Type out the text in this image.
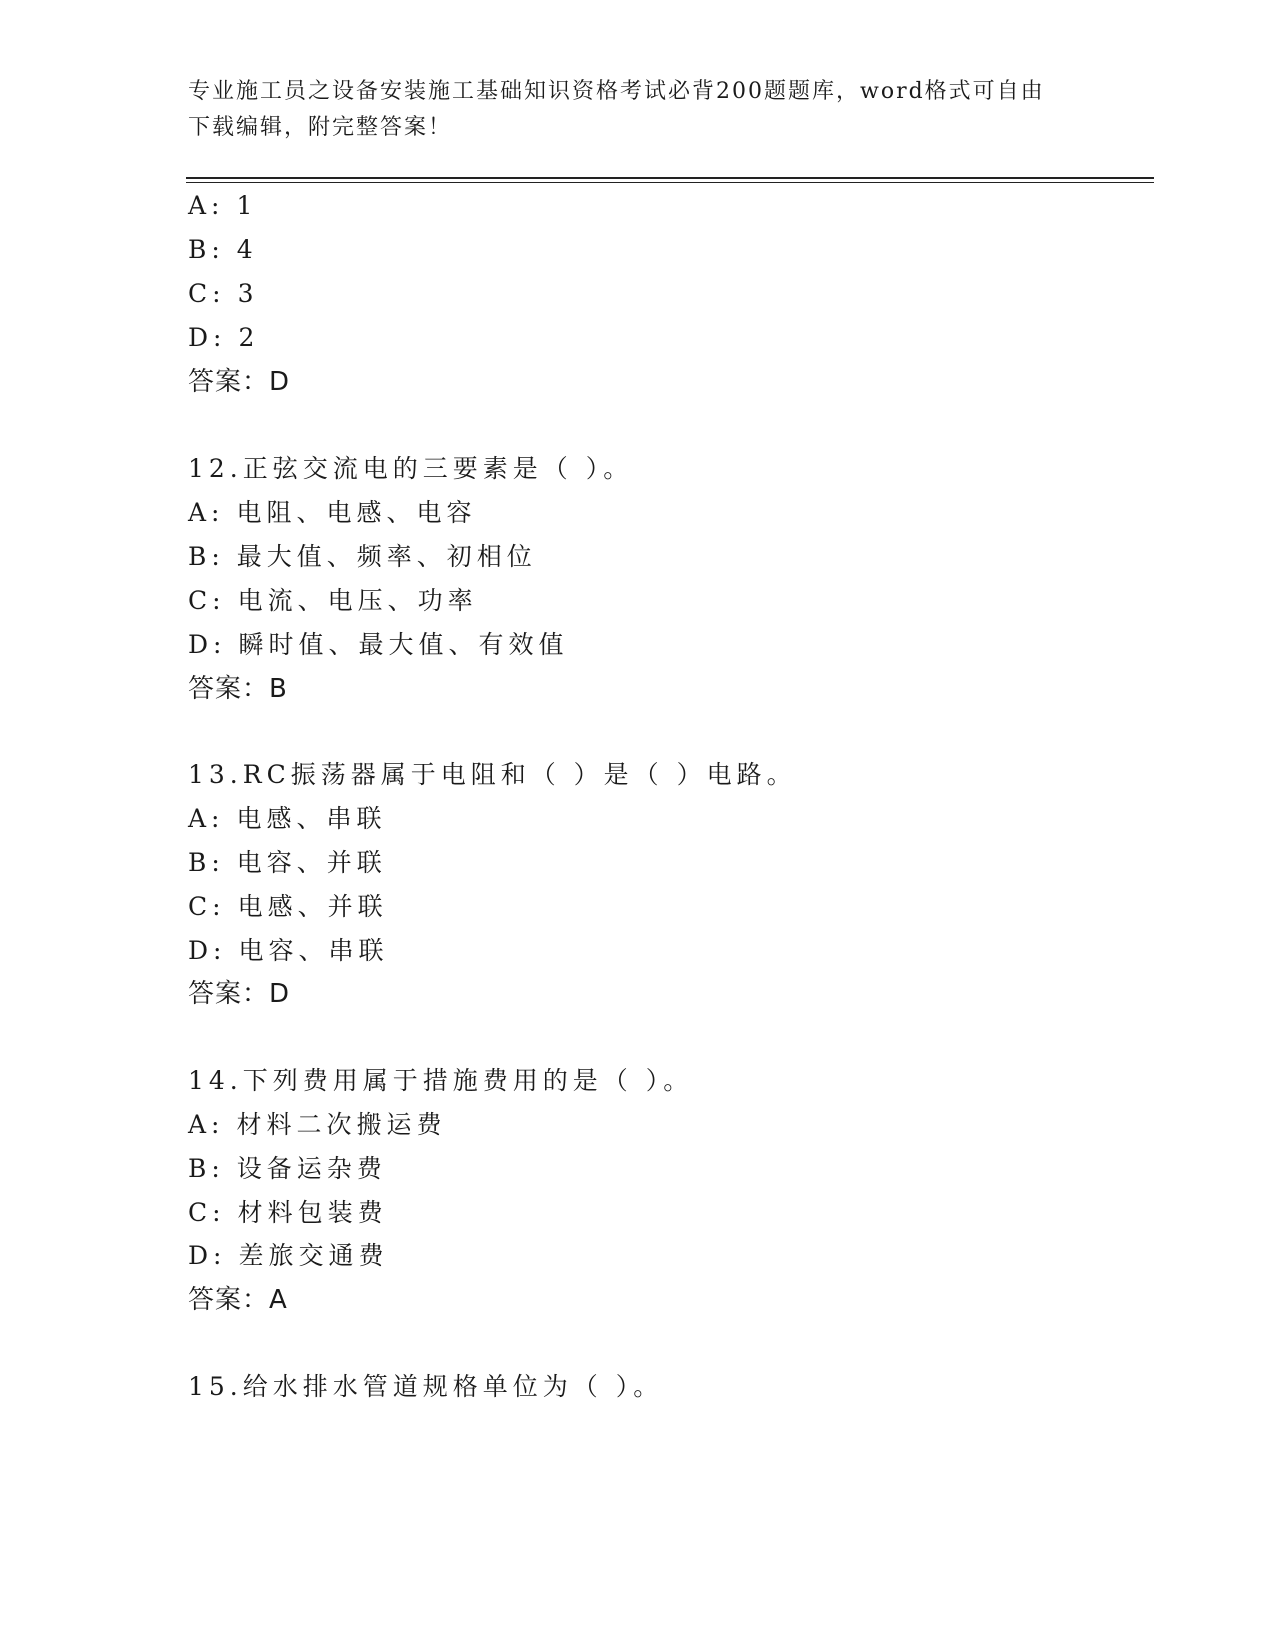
专业施工员之设备安装施工基础知识资格考试必背200题题库，word格式可自由
下载编辑，附完整答案！
A: 1
B: 4
C: 3
D: 2
答案：D
12.正弦交流电的三要素是（ ）。
A: 电阻、电感、电容
B: 最大值、频率、初相位
C: 电流、电压、功率
D: 瞬时值、最大值、有效值
答案：B
13.RC振荡器属于电阻和（ ）是（ ）电路。
A: 电感、串联
B: 电容、并联
C: 电感、并联
D: 电容、串联
答案：D
14.下列费用属于措施费用的是（ ）。
A: 材料二次搬运费
B: 设备运杂费
C: 材料包装费
D: 差旅交通费
答案：A
15.给水排水管道规格单位为（ ）。
